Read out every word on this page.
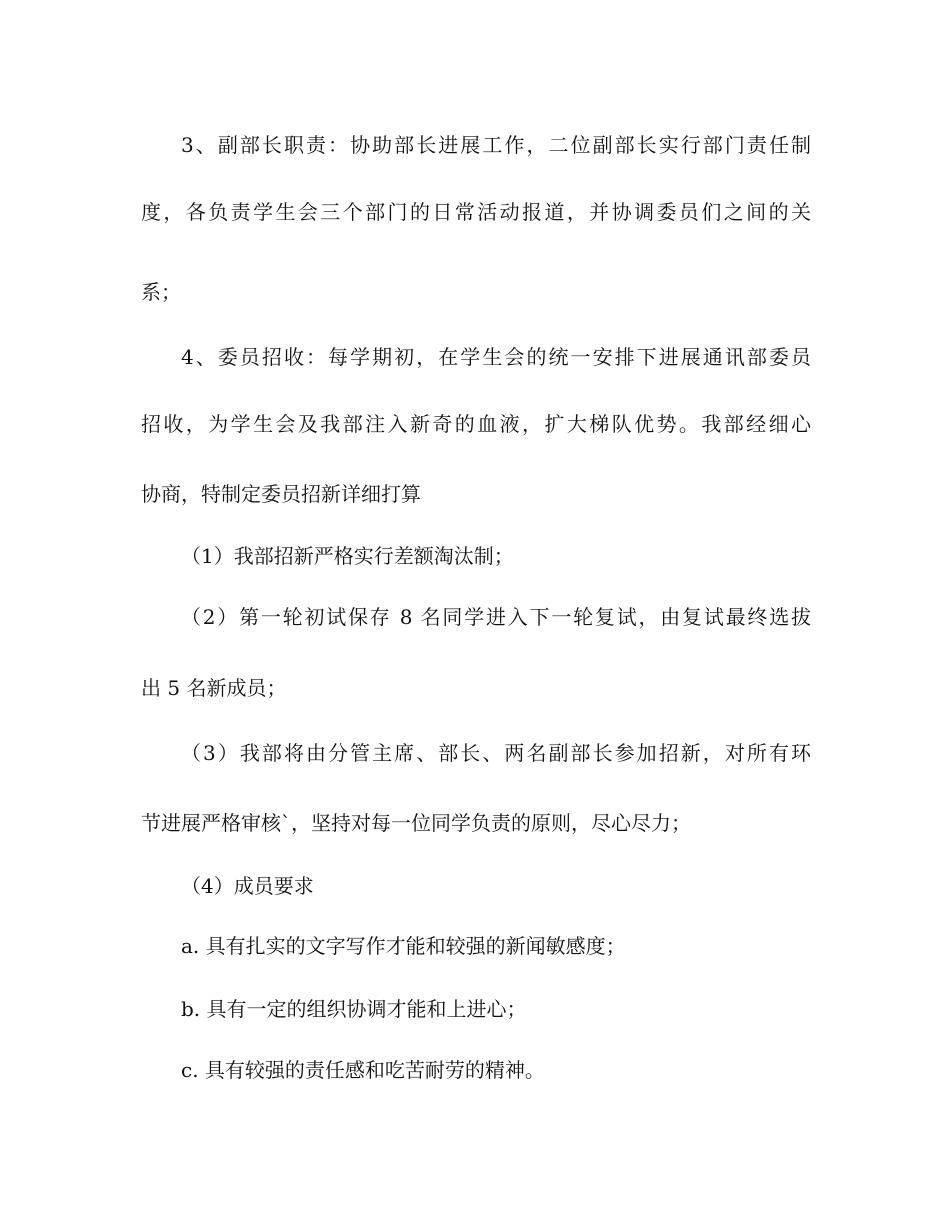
3、副部长职责：协助部长进展工作，二位副部长实行部门责任制
度，各负责学生会三个部门的日常活动报道，并协调委员们之间的关
系；
4、委员招收：每学期初，在学生会的统一安排下进展通讯部委员
招收，为学生会及我部注入新奇的血液，扩大梯队优势。我部经细心
协商，特制定委员招新详细打算
（1）我部招新严格实行差额淘汰制；
（2）第一轮初试保存 8 名同学进入下一轮复试，由复试最终选拔
出 5 名新成员；
（3）我部将由分管主席、部长、两名副部长参加招新，对所有环
节进展严格审核`，坚持对每一位同学负责的原则，尽心尽力；
（4）成员要求
a. 具有扎实的文字写作才能和较强的新闻敏感度；
b. 具有一定的组织协调才能和上进心；
c. 具有较强的责任感和吃苦耐劳的精神。
